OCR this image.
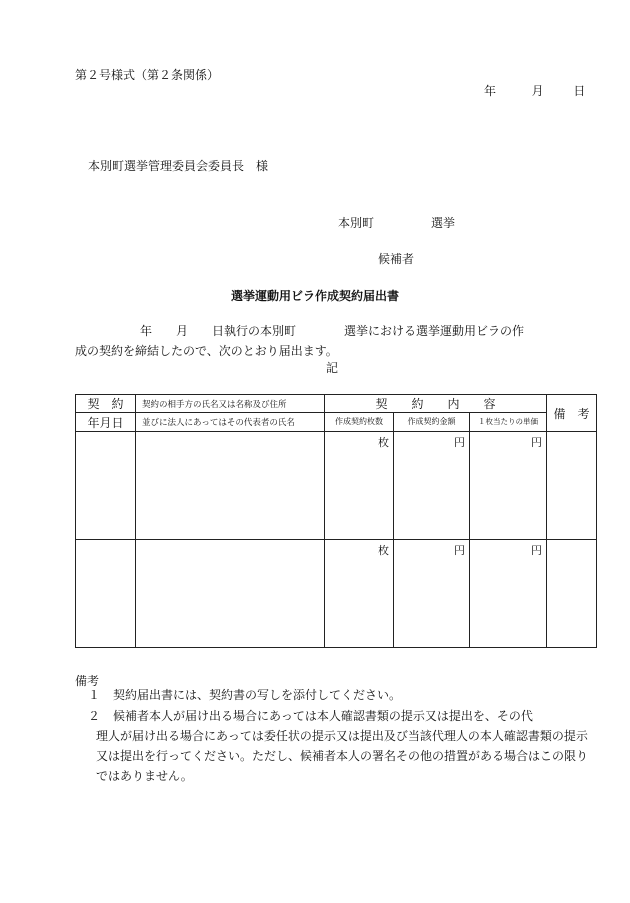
第２号様式（第２条関係）
年	月 日
本別町選挙管理委員会委員長　様
本別町	選挙
候補者
選挙運動用ビラ作成契約届出書
年　　月　　日執行の本別町　　　　選挙における選挙運動用ビラの作
成の契約を締結したので、次のとおり届出ます。
記
契　約	契約の相手方の氏名又は名称及び住所	契　　約　　内　　容			備　考
年月日	並びに法人にあってはその代表者の氏名	作成契約枚数	作成契約金額	１枚当たりの単価	
		枚	円	円	
		枚	円	円	
備考
１ 契約届出書には、契約書の写しを添付してください。
２ 候補者本人が届け出る場合にあっては本人確認書類の提示又は提出を、その代
理人が届け出る場合にあっては委任状の提示又は提出及び当該代理人の本人確認書類の提示又は提出を行ってください。ただし、候補者本人の署名その他の措置がある場合はこの限りではありません。
